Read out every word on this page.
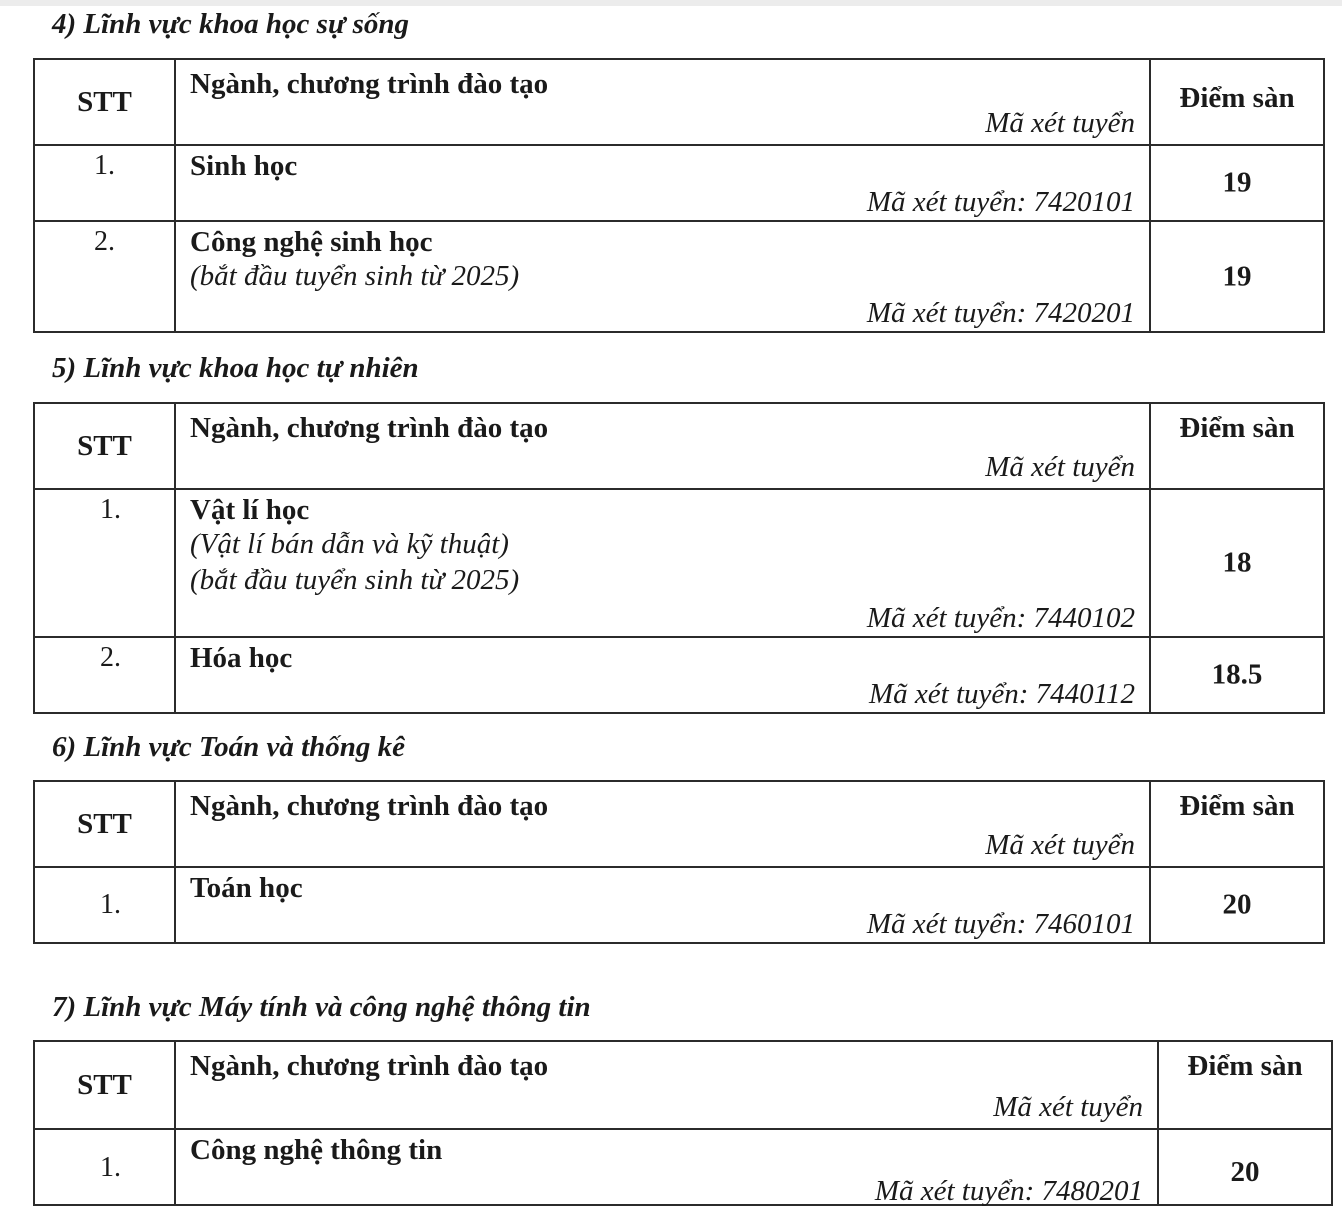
4) Lĩnh vực khoa học sự sống
STT	Ngành, chương trình đào tạo
Mã xét tuyển	Điểm sàn

1.	Sinh học
Mã xét tuyển: 7420101	19

2.	Công nghệ sinh học
(bắt đầu tuyển sinh từ 2025)
Mã xét tuyển: 7420201	19
5) Lĩnh vực khoa học tự nhiên
STT	Ngành, chương trình đào tạo
Mã xét tuyển	Điểm sàn

1.	Vật lí học
(Vật lí bán dẫn và kỹ thuật)
(bắt đầu tuyển sinh từ 2025)
Mã xét tuyển: 7440102	18

2.	Hóa học
Mã xét tuyển: 7440112	18.5
6) Lĩnh vực Toán và thống kê
STT	Ngành, chương trình đào tạo
Mã xét tuyển	Điểm sàn

1.	Toán học
Mã xét tuyển: 7460101	20
7) Lĩnh vực Máy tính và công nghệ thông tin
STT	Ngành, chương trình đào tạo
Mã xét tuyển	Điểm sàn

1.	Công nghệ thông tin
Mã xét tuyển: 7480201	20
